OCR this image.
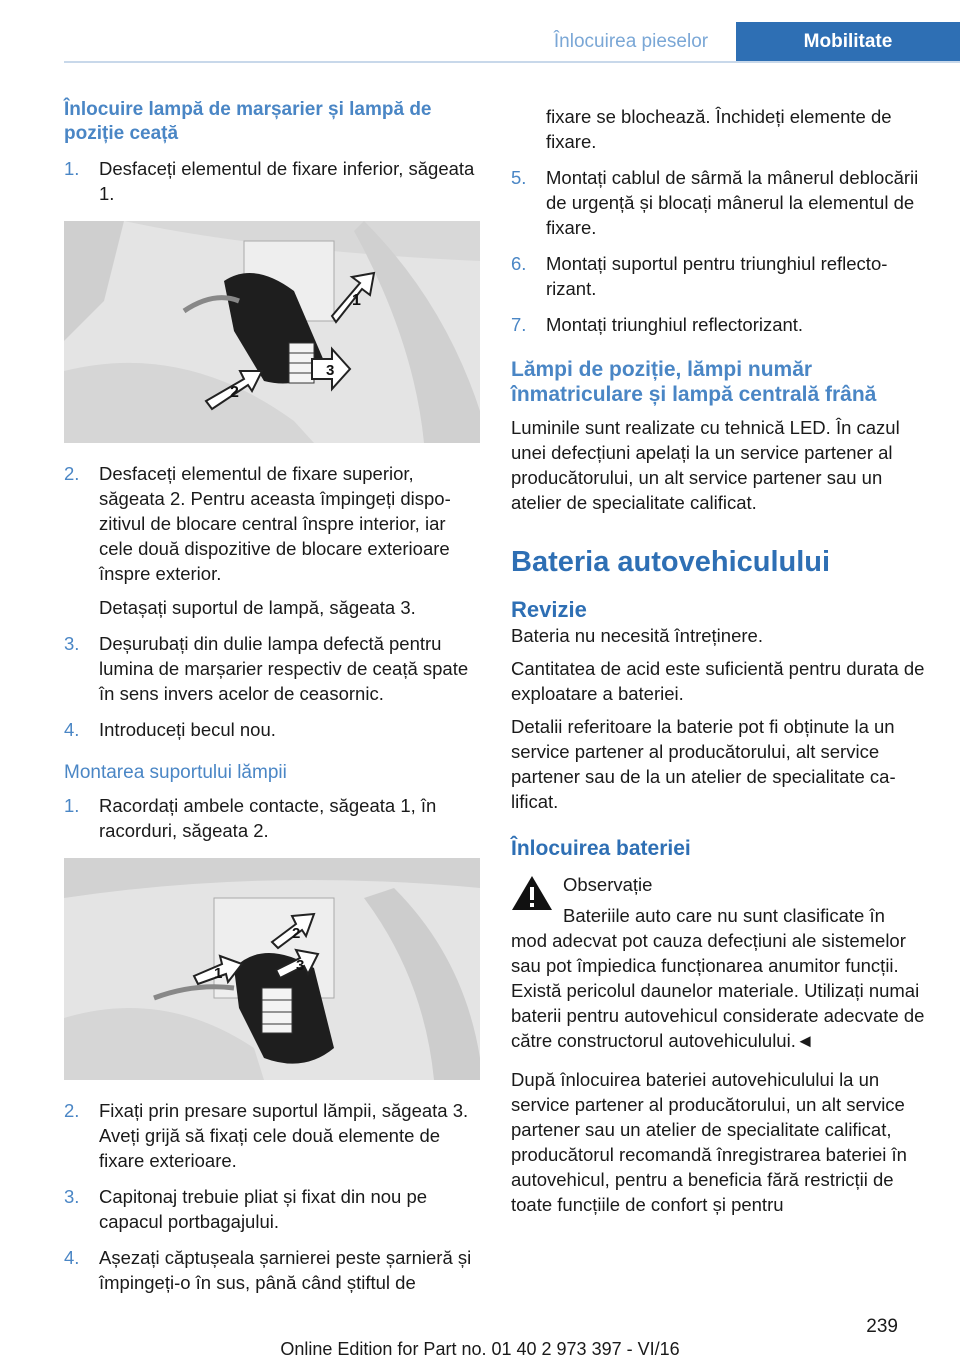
Înlocuirea pieselor	Mobilitate
Înlocuire lampă de marșarier și lampă de poziție ceață
1. Desfaceți elementul de fixare inferior, săgeata 1.

1
2
3
2. Desfaceți elementul de fixare superior, săgeata 2. Pentru aceasta împingeți dispozitivul de blocare central înspre interior, iar cele două dispozitive de blocare exterioare înspre exterior.

Detașați suportul de lampă, săgeata 3.

3. Deșurubați din dulie lampa defectă pentru lumina de marșarier respectiv de ceață spate în sens invers acelor de ceasornic.

4. Introduceți becul nou.

Montarea suportului lămpii
1. Racordați ambele contacte, săgeata 1, în racorduri, săgeata 2.

1
2
3
2. Fixați prin presare suportul lămpii, săgeata 3. Aveți grijă să fixați cele două elemente de fixare exterioare.

3. Capitonaj trebuie pliat și fixat din nou pe capacul portbagajului.

4. Așezați căptușeala șarnierei peste șarnieră și împingeți-o în sus, până când știftul de

fixare se blochează. Închideți elemente de fixare.

5. Montați cablul de sârmă la mânerul deblocării de urgență și blocați mânerul la elementul de fixare.

6. Montați suportul pentru triunghiul reflectorizant.

7. Montați triunghiul reflectorizant.

Lămpi de poziție, lămpi număr înmatriculare și lampă centrală frână

Luminile sunt realizate cu tehnică LED. În cazul unei defecțiuni apelați la un service partener al producătorului, un alt service partener sau un atelier de specialitate calificat.

Bateria autovehiculului
Revizie

Bateria nu necesită întreținere.

Cantitatea de acid este suficientă pentru durata de exploatare a bateriei.

Detalii referitoare la baterie pot fi obținute la un service partener al producătorului, alt service partener sau de la un atelier de specialitate calificat.

Înlocuirea bateriei

Observație

Bateriile auto care nu sunt clasificate în

mod adecvat pot cauza defecțiuni ale sistemelor sau pot împiedica funcționarea anumitor funcții. Există pericolul daunelor materiale. Utilizați numai baterii pentru autovehicul considerate adecvate de către constructorul autovehiculului.◄

După înlocuirea bateriei autovehiculului la un service partener al producătorului, un alt service partener sau un atelier de specialitate calificat, producătorul recomandă înregistrarea bateriei în autovehicul, pentru a beneficia fără restricții de toate funcțiile de confort și pentru

239
Online Edition for Part no. 01 40 2 973 397 - VI/16
